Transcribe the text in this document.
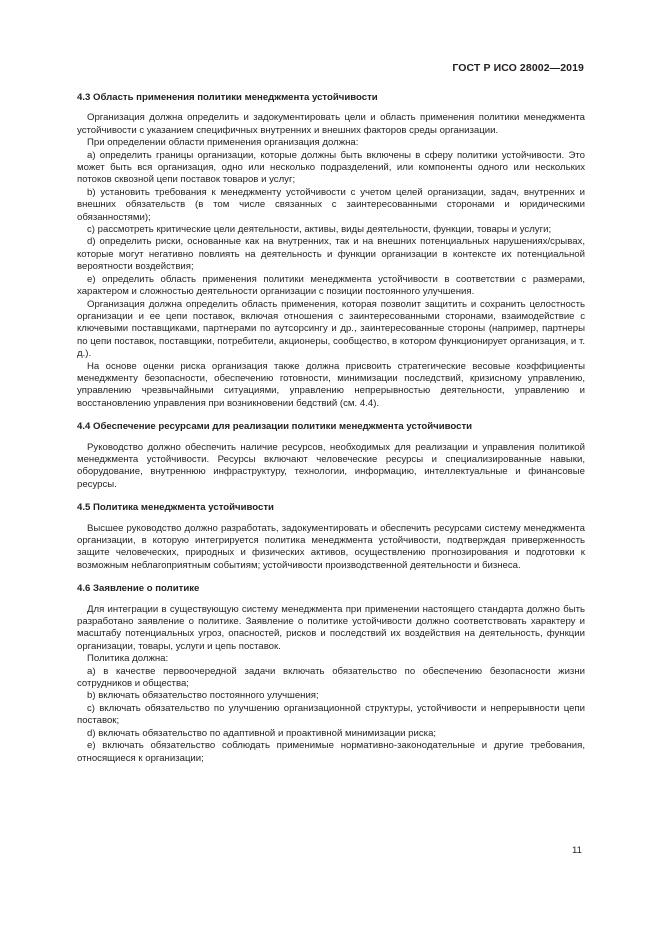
ГОСТ Р ИСО 28002—2019
4.3 Область применения политики менеджмента устойчивости

Организация должна определить и задокументировать цели и область применения политики менеджмента устойчивости с указанием специфичных внутренних и внешних факторов среды организации.

При определении области применения организация должна:

а) определить границы организации, которые должны быть включены в сферу политики устойчивости. Это может быть вся организация, одно или несколько подразделений, или компоненты одного или нескольких потоков сквозной цепи поставок товаров и услуг;

b) установить требования к менеджменту устойчивости с учетом целей организации, задач, внутренних и внешних обязательств (в том числе связанных с заинтересованными сторонами и юридическими обязанностями);

c) рассмотреть критические цели деятельности, активы, виды деятельности, функции, товары и услуги;

d) определить риски, основанные как на внутренних, так и на внешних потенциальных нарушениях/срывах, которые могут негативно повлиять на деятельность и функции организации в контексте их потенциальной вероятности воздействия;

е) определить область применения политики менеджмента устойчивости в соответствии с размерами, характером и сложностью деятельности организации с позиции постоянного улучшения.

Организация должна определить область применения, которая позволит защитить и сохранить целостность организации и ее цепи поставок, включая отношения с заинтересованными сторонами, взаимодействие с ключевыми поставщиками, партнерами по аутсорсингу и др., заинтересованные стороны (например, партнеры по цепи поставок, поставщики, потребители, акционеры, сообщество, в котором функционирует организация, и т. д.).

На основе оценки риска организация также должна присвоить стратегические весовые коэффициенты менеджменту безопасности, обеспечению готовности, минимизации последствий, кризисному управлению, управлению чрезвычайными ситуациями, управлению непрерывностью деятельности, управлению и восстановлению управления при возникновении бедствий (см. 4.4).

4.4 Обеспечение ресурсами для реализации политики менеджмента устойчивости

Руководство должно обеспечить наличие ресурсов, необходимых для реализации и управления политикой менеджмента устойчивости. Ресурсы включают человеческие ресурсы и специализированные навыки, оборудование, внутреннюю инфраструктуру, технологии, информацию, интеллектуальные и финансовые ресурсы.

4.5 Политика менеджмента устойчивости

Высшее руководство должно разработать, задокументировать и обеспечить ресурсами систему менеджмента организации, в которую интегрируется политика менеджмента устойчивости, подтверждая приверженность защите человеческих, природных и физических активов, осуществлению прогнозирования и подготовки к возможным неблагоприятным событиям; устойчивости производственной деятельности и бизнеса.

4.6 Заявление о политике

Для интеграции в существующую систему менеджмента при применении настоящего стандарта должно быть разработано заявление о политике. Заявление о политике устойчивости должно соответствовать характеру и масштабу потенциальных угроз, опасностей, рисков и последствий их воздействия на деятельность, функции организации, товары, услуги и цепь поставок.

Политика должна:

а) в качестве первоочередной задачи включать обязательство по обеспечению безопасности жизни сотрудников и общества;

b) включать обязательство постоянного улучшения;

c) включать обязательство по улучшению организационной структуры, устойчивости и непрерывности цепи поставок;

d) включать обязательство по адаптивной и проактивной минимизации риска;

е) включать обязательство соблюдать применимые нормативно-законодательные и другие требования, относящиеся к организации;

11
